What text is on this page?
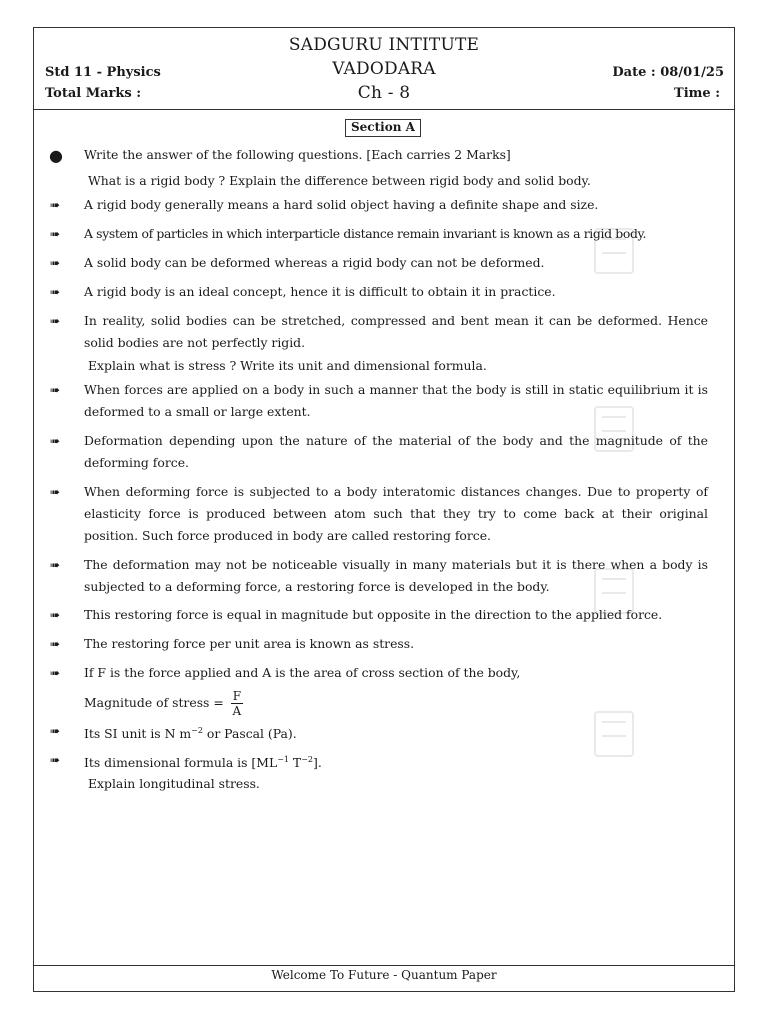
SADGURU INTITUTE
VADODARA
Ch - 8
Std 11 - Physics
Total Marks :
Date : 08/01/25
Time :
Section A
● Write the answer of the following questions. [Each carries 2 Marks]
What is a rigid body ? Explain the difference between rigid body and solid body.
➠ A rigid body generally means a hard solid object having a definite shape and size.
➠ A system of particles in which interparticle distance remain invariant is known as a rigid body.
➠ A solid body can be deformed whereas a rigid body can not be deformed.
➠ A rigid body is an ideal concept, hence it is difficult to obtain it in practice.
➠ In reality, solid bodies can be stretched, compressed and bent mean it can be deformed. Hence solid bodies are not perfectly rigid.
Explain what is stress ? Write its unit and dimensional formula.
➠ When forces are applied on a body in such a manner that the body is still in static equilibrium it is deformed to a small or large extent.
➠ Deformation depending upon the nature of the material of the body and the magnitude of the deforming force.
➠ When deforming force is subjected to a body interatomic distances changes. Due to property of elasticity force is produced between atom such that they try to come back at their original position. Such force produced in body are called restoring force.
➠ The deformation may not be noticeable visually in many materials but it is there when a body is subjected to a deforming force, a restoring force is developed in the body.
➠ This restoring force is equal in magnitude but opposite in the direction to the applied force.
➠ The restoring force per unit area is known as stress.
➠ If F is the force applied and A is the area of cross section of the body,
Magnitude of stress = $\frac{F}{A}$
➠ Its SI unit is N $m^{-2}$ or Pascal (Pa).
➠ Its dimensional formula is [$ML^{-1}$ $T^{-2}$].
Explain longitudinal stress.
Welcome To Future - Quantum Paper
